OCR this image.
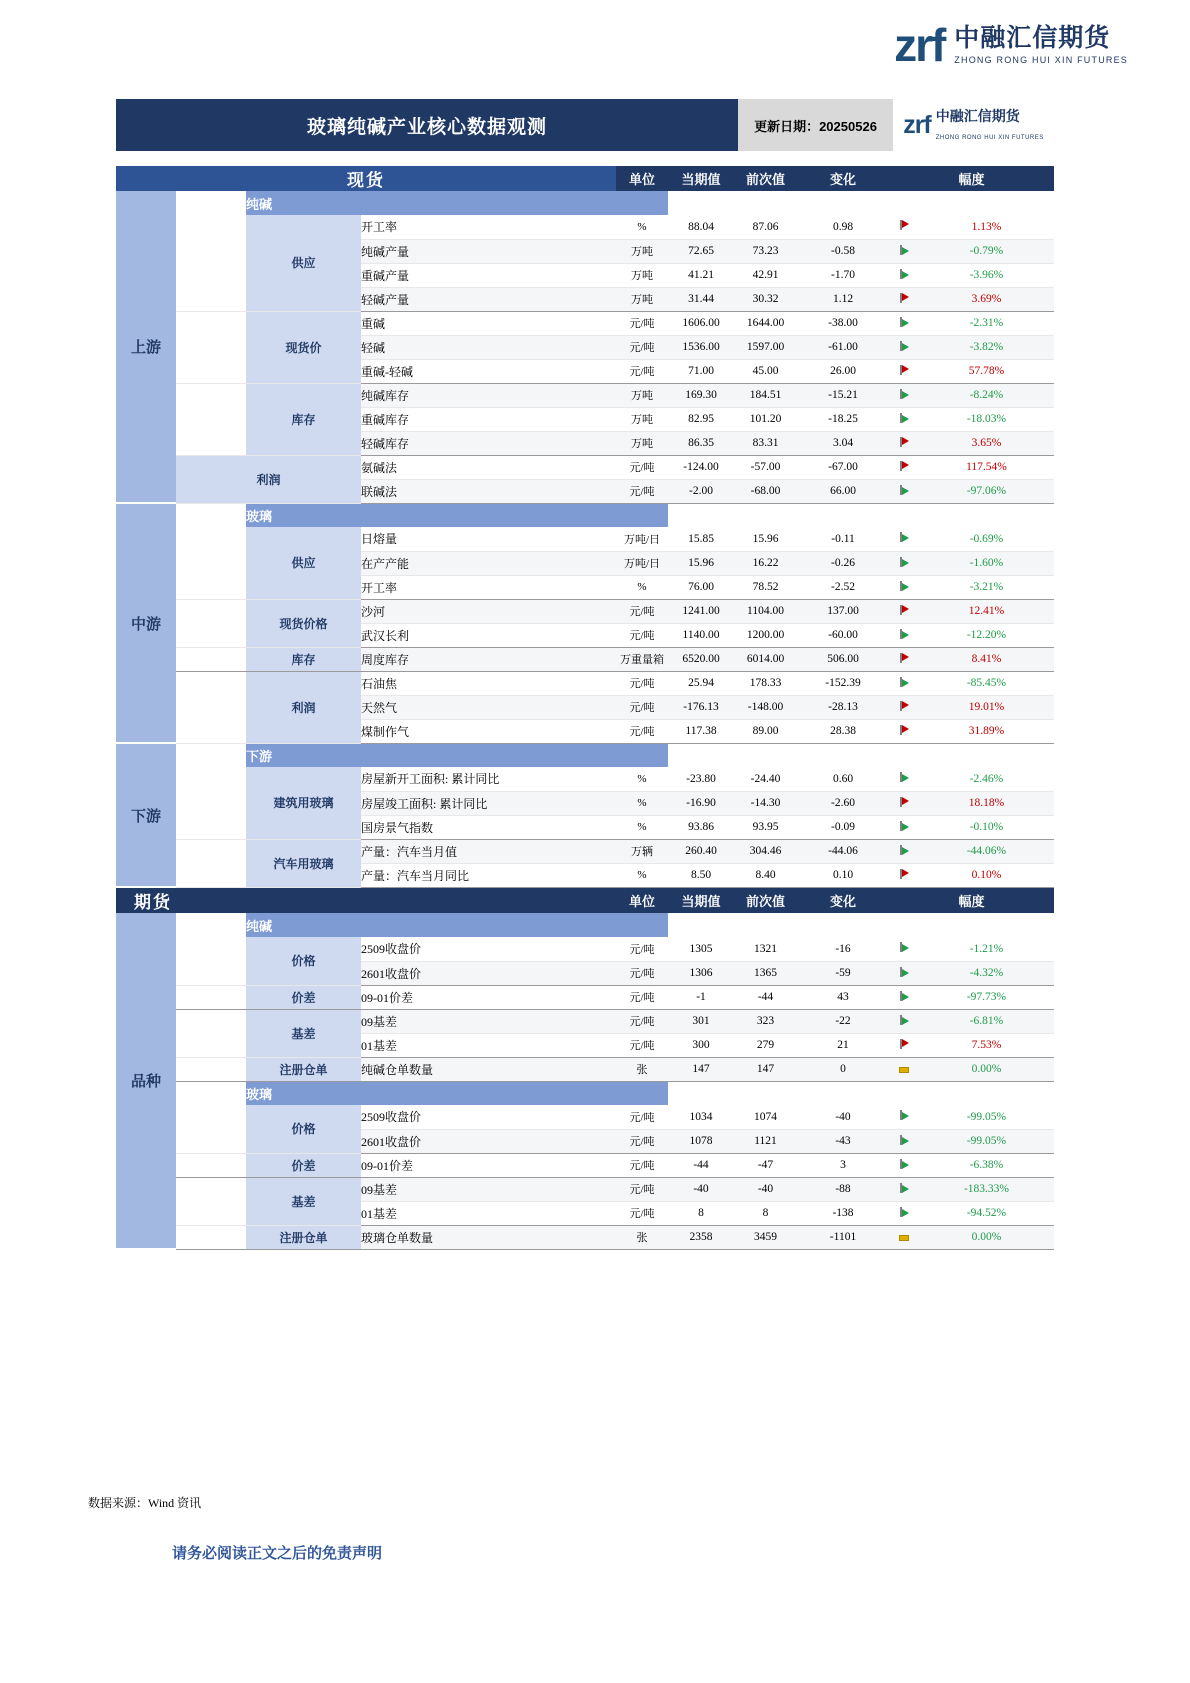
zrf 中融汇信期货
ZHONG RONG HUI XIN FUTURES
玻璃纯碱产业核心数据观测	更新日期：20250526	zrf 中融汇信期货
ZHONG RONG HUI XIN FUTURES
现货				单位	当期值	前次值	变化	幅度	
上游		纯碱							
		供应	开工率	%	88.04	87.06	0.98		1.13%
			纯碱产量	万吨	72.65	73.23	-0.58		-0.79%
			重碱产量	万吨	41.21	42.91	-1.70		-3.96%
			轻碱产量	万吨	31.44	30.32	1.12		3.69%
		现货价	重碱	元/吨	1606.00	1644.00	-38.00		-2.31%
			轻碱	元/吨	1536.00	1597.00	-61.00		-3.82%
			重碱-轻碱	元/吨	71.00	45.00	26.00		57.78%
		库存	纯碱库存	万吨	169.30	184.51	-15.21		-8.24%
			重碱库存	万吨	82.95	101.20	-18.25		-18.03%
			轻碱库存	万吨	86.35	83.31	3.04		3.65%
	利润		氨碱法	元/吨	-124.00	-57.00	-67.00		117.54%
			联碱法	元/吨	-2.00	-68.00	66.00		-97.06%
中游		玻璃							
		供应	日熔量	万吨/日	15.85	15.96	-0.11		-0.69%
			在产产能	万吨/日	15.96	16.22	-0.26		-1.60%
			开工率	%	76.00	78.52	-2.52		-3.21%
		现货价格	沙河	元/吨	1241.00	1104.00	137.00		12.41%
			武汉长利	元/吨	1140.00	1200.00	-60.00		-12.20%
		库存	周度库存	万重量箱	6520.00	6014.00	506.00		8.41%
		利润	石油焦	元/吨	25.94	178.33	-152.39		-85.45%
			天然气	元/吨	-176.13	-148.00	-28.13		19.01%
			煤制作气	元/吨	117.38	89.00	28.38		31.89%
下游		下游							
		建筑用玻璃	房屋新开工面积: 累计同比	%	-23.80	-24.40	0.60		-2.46%
			房屋竣工面积: 累计同比	%	-16.90	-14.30	-2.60		18.18%
			国房景气指数	%	93.86	93.95	-0.09		-0.10%
		汽车用玻璃	产量：汽车当月值	万辆	260.40	304.46	-44.06		-44.06%
			产量：汽车当月同比	%	8.50	8.40	0.10		0.10%
期货				单位	当期值	前次值	变化	幅度	
品种		纯碱							
		价格	2509收盘价	元/吨	1305	1321	-16		-1.21%
			2601收盘价	元/吨	1306	1365	-59		-4.32%
		价差	09-01价差	元/吨	-1	-44	43		-97.73%
		基差	09基差	元/吨	301	323	-22		-6.81%
			01基差	元/吨	300	279	21		7.53%
		注册仓单	纯碱仓单数量	张	147	147	0		0.00%
		玻璃							
		价格	2509收盘价	元/吨	1034	1074	-40		-99.05%
			2601收盘价	元/吨	1078	1121	-43		-99.05%
		价差	09-01价差	元/吨	-44	-47	3		-6.38%
		基差	09基差	元/吨	-40	-40	-88		-183.33%
			01基差	元/吨	8	8	-138		-94.52%
		注册仓单	玻璃仓单数量	张	2358	3459	-1101		0.00%
数据来源：Wind 资讯
请务必阅读正文之后的免责声明
